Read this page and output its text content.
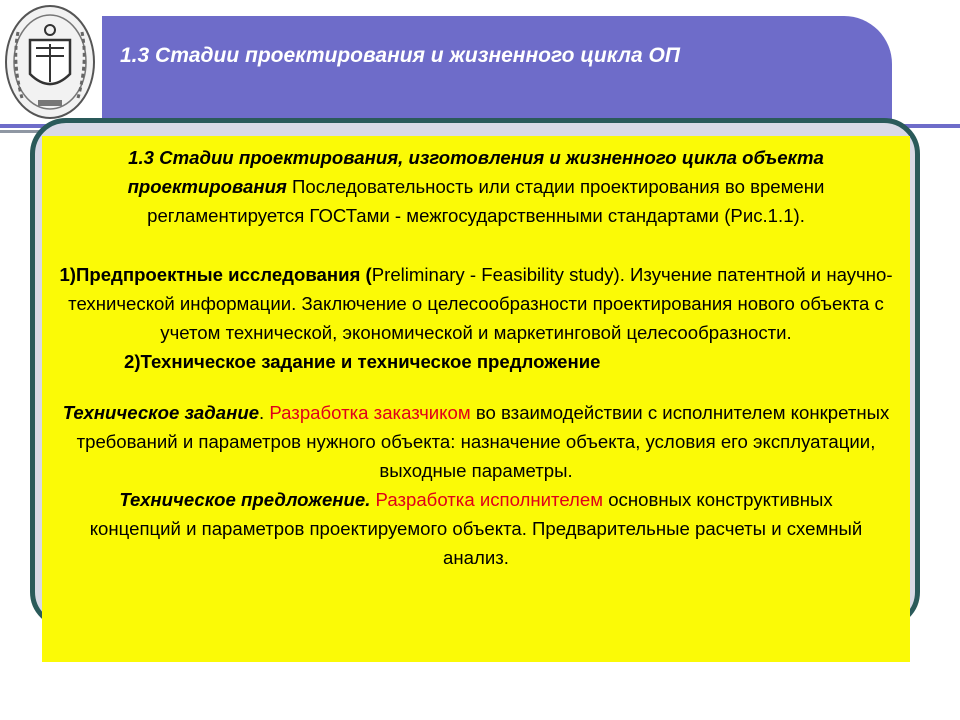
1.3 Стадии проектирования и жизненного цикла ОП

1.3 Стадии проектирования, изготовления и жизненного цикла объекта проектирования Последовательность или стадии проектирования во времени регламентируется ГОСТами - межгосударственными стандартами (Рис.1.1).

1)Предпроектные исследования (Preliminary - Feasibility study). Изучение патентной и научно-технической информации. Заключение о целесообразности проектирования нового объекта с учетом технической, экономической и маркетинговой целесообразности.

2)Техническое задание и техническое предложение

Техническое задание. Разработка заказчиком во взаимодействии с исполнителем конкретных требований и параметров нужного объекта: назначение объекта, условия его эксплуатации, выходные параметры.

Техническое предложение. Разработка исполнителем основных конструктивных концепций и параметров проектируемого объекта. Предварительные расчеты и схемный анализ.
